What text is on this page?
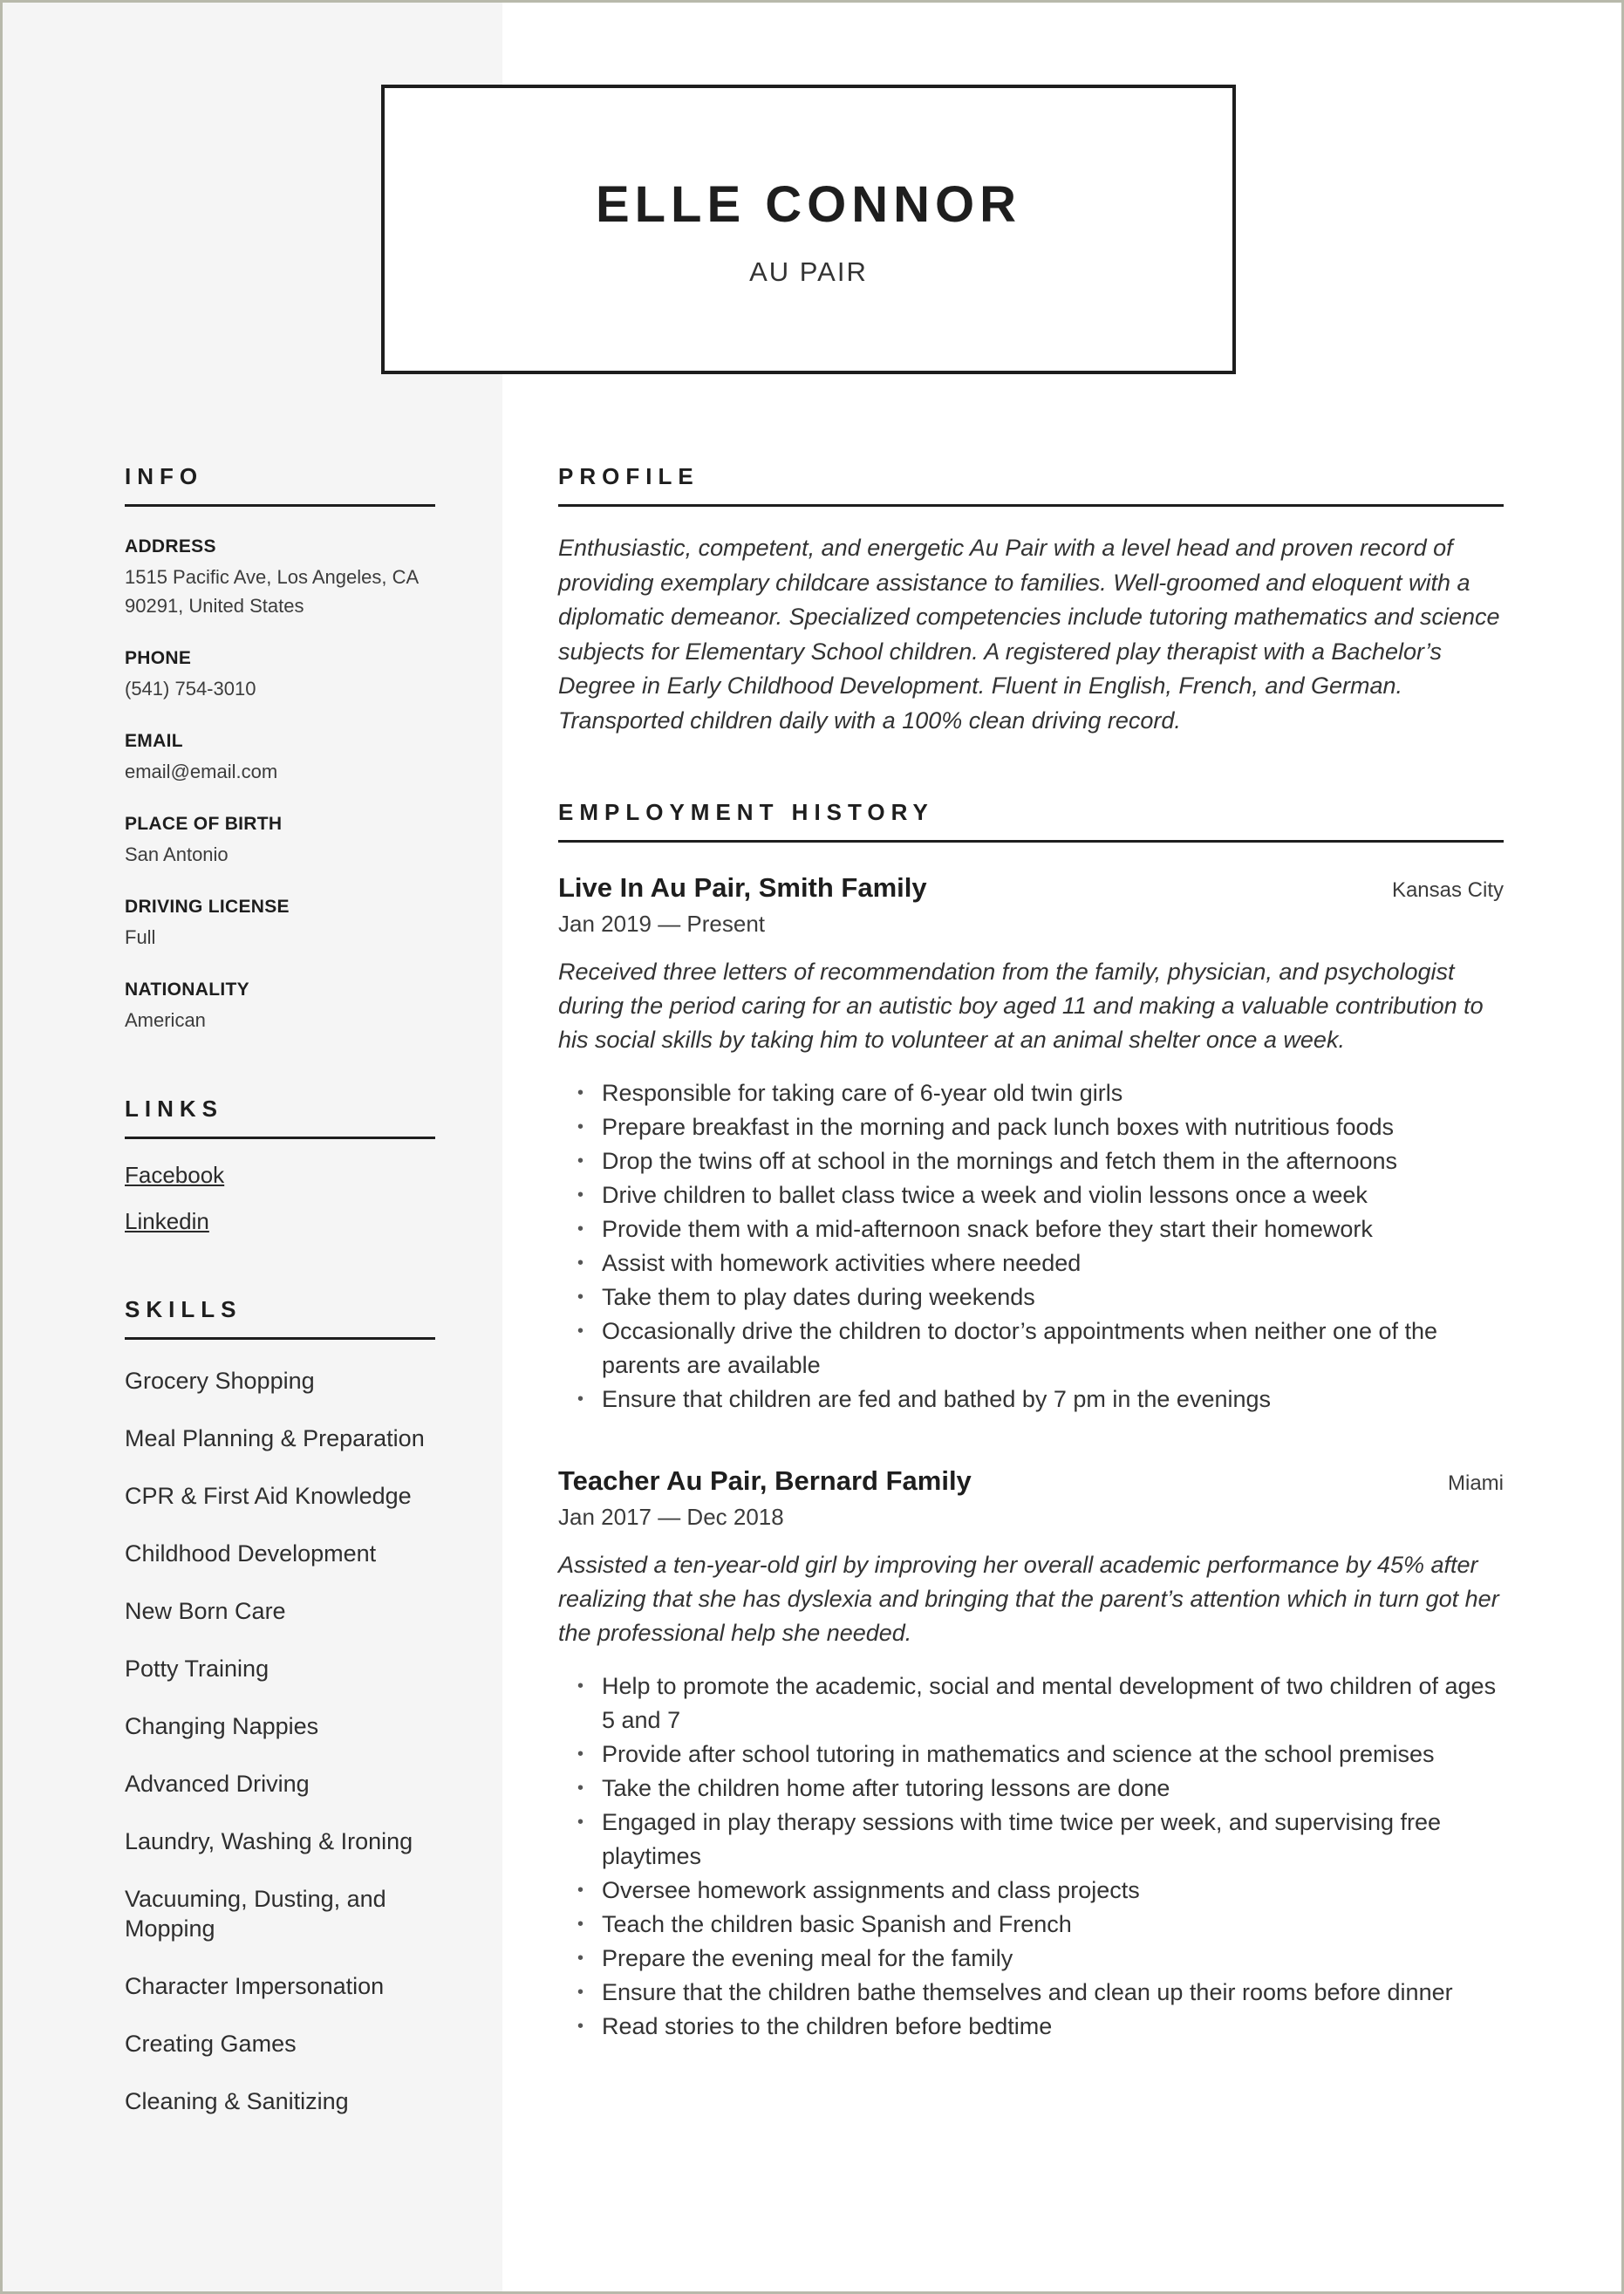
ELLE CONNOR
AU PAIR
INFO
ADDRESS
1515 Pacific Ave, Los Angeles, CA 90291, United States
PHONE
(541) 754-3010
EMAIL
email@email.com
PLACE OF BIRTH
San Antonio
DRIVING LICENSE
Full
NATIONALITY
American
LINKS
Facebook
Linkedin
SKILLS
Grocery Shopping
Meal Planning & Preparation
CPR & First Aid Knowledge
Childhood Development
New Born Care
Potty Training
Changing Nappies
Advanced Driving
Laundry, Washing & Ironing
Vacuuming, Dusting, and Mopping
Character Impersonation
Creating Games
Cleaning & Sanitizing
PROFILE
Enthusiastic, competent, and energetic Au Pair with a level head and proven record of providing exemplary childcare assistance to families. Well-groomed and eloquent with a diplomatic demeanor. Specialized competencies include tutoring mathematics and science subjects for Elementary School children. A registered play therapist with a Bachelor’s Degree in Early Childhood Development. Fluent in English, French, and German. Transported children daily with a 100% clean driving record.
EMPLOYMENT HISTORY
Live In Au Pair, Smith Family	Kansas City
Jan 2019 — Present
Received three letters of recommendation from the family, physician, and psychologist during the period caring for an autistic boy aged 11 and making a valuable contribution to his social skills by taking him to volunteer at an animal shelter once a week.
• Responsible for taking care of 6-year old twin girls
• Prepare breakfast in the morning and pack lunch boxes with nutritious foods
• Drop the twins off at school in the mornings and fetch them in the afternoons
• Drive children to ballet class twice a week and violin lessons once a week
• Provide them with a mid-afternoon snack before they start their homework
• Assist with homework activities where needed
• Take them to play dates during weekends
• Occasionally drive the children to doctor’s appointments when neither one of the parents are available
• Ensure that children are fed and bathed by 7 pm in the evenings
Teacher Au Pair, Bernard Family	Miami
Jan 2017 — Dec 2018
Assisted a ten-year-old girl by improving her overall academic performance by 45% after realizing that she has dyslexia and bringing that the parent’s attention which in turn got her the professional help she needed.
• Help to promote the academic, social and mental development of two children of ages 5 and 7
• Provide after school tutoring in mathematics and science at the school premises
• Take the children home after tutoring lessons are done
• Engaged in play therapy sessions with time twice per week, and supervising free playtimes
• Oversee homework assignments and class projects
• Teach the children basic Spanish and French
• Prepare the evening meal for the family
• Ensure that the children bathe themselves and clean up their rooms before dinner
• Read stories to the children before bedtime
